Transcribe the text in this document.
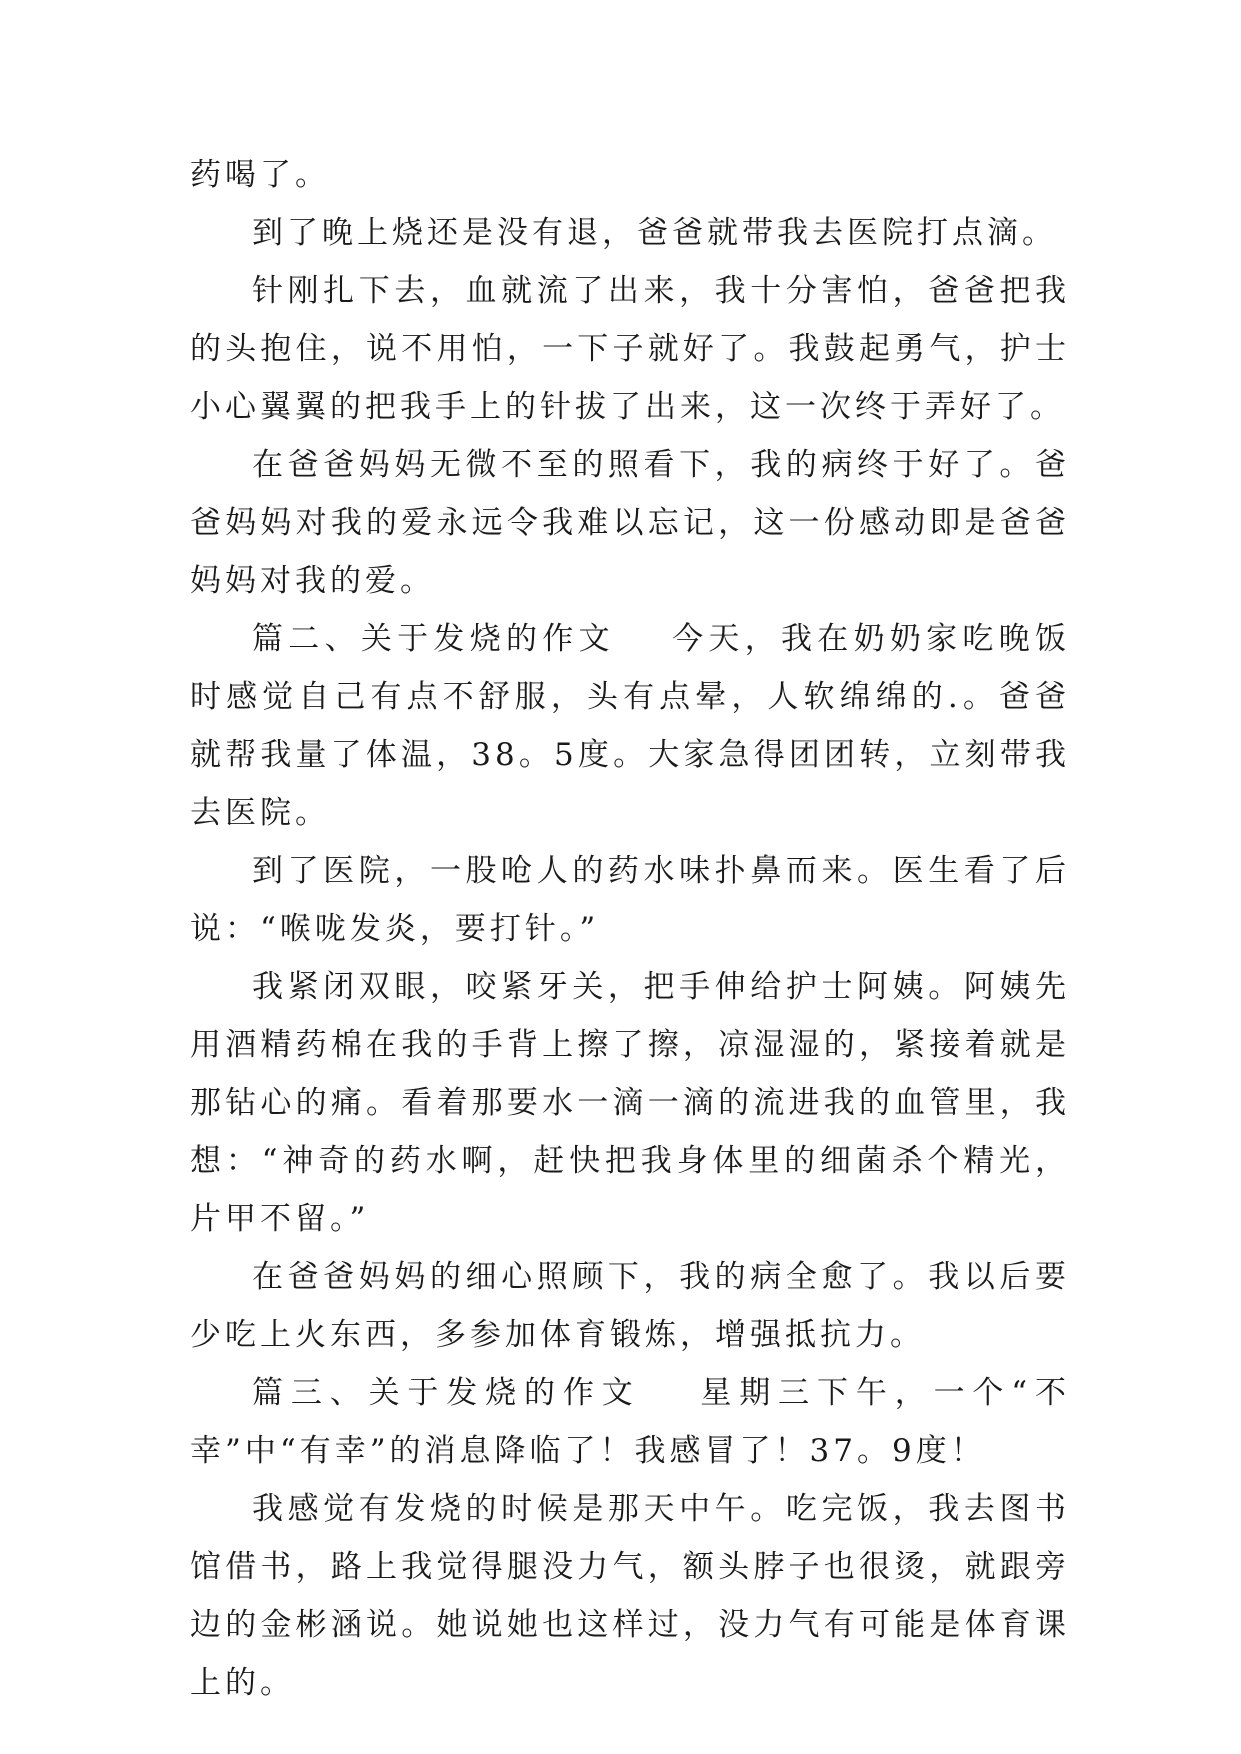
药喝了。

到了晚上烧还是没有退，爸爸就带我去医院打点滴。

针刚扎下去，血就流了出来，我十分害怕，爸爸把我的头抱住，说不用怕，一下子就好了。我鼓起勇气，护士小心翼翼的把我手上的针拔了出来，这一次终于弄好了。

在爸爸妈妈无微不至的照看下，我的病终于好了。爸爸妈妈对我的爱永远令我难以忘记，这一份感动即是爸爸妈妈对我的爱。

篇二、关于发烧的作文 今天，我在奶奶家吃晚饭时感觉自己有点不舒服，头有点晕，人软绵绵的.。爸爸就帮我量了体温，38。5度。大家急得团团转，立刻带我去医院。

到了医院，一股呛人的药水味扑鼻而来。医生看了后说：“喉咙发炎，要打针。”

我紧闭双眼，咬紧牙关，把手伸给护士阿姨。阿姨先用酒精药棉在我的手背上擦了擦，凉湿湿的，紧接着就是那钻心的痛。看着那要水一滴一滴的流进我的血管里，我想：“神奇的药水啊，赶快把我身体里的细菌杀个精光，片甲不留。”

在爸爸妈妈的细心照顾下，我的病全愈了。我以后要少吃上火东西，多参加体育锻炼，增强抵抗力。

篇三、关于发烧的作文 星期三下午，一个“不幸”中“有幸”的消息降临了！我感冒了！37。9度！

我感觉有发烧的时候是那天中午。吃完饭，我去图书馆借书，路上我觉得腿没力气，额头脖子也很烫，就跟旁边的金彬涵说。她说她也这样过，没力气有可能是体育课上的。
